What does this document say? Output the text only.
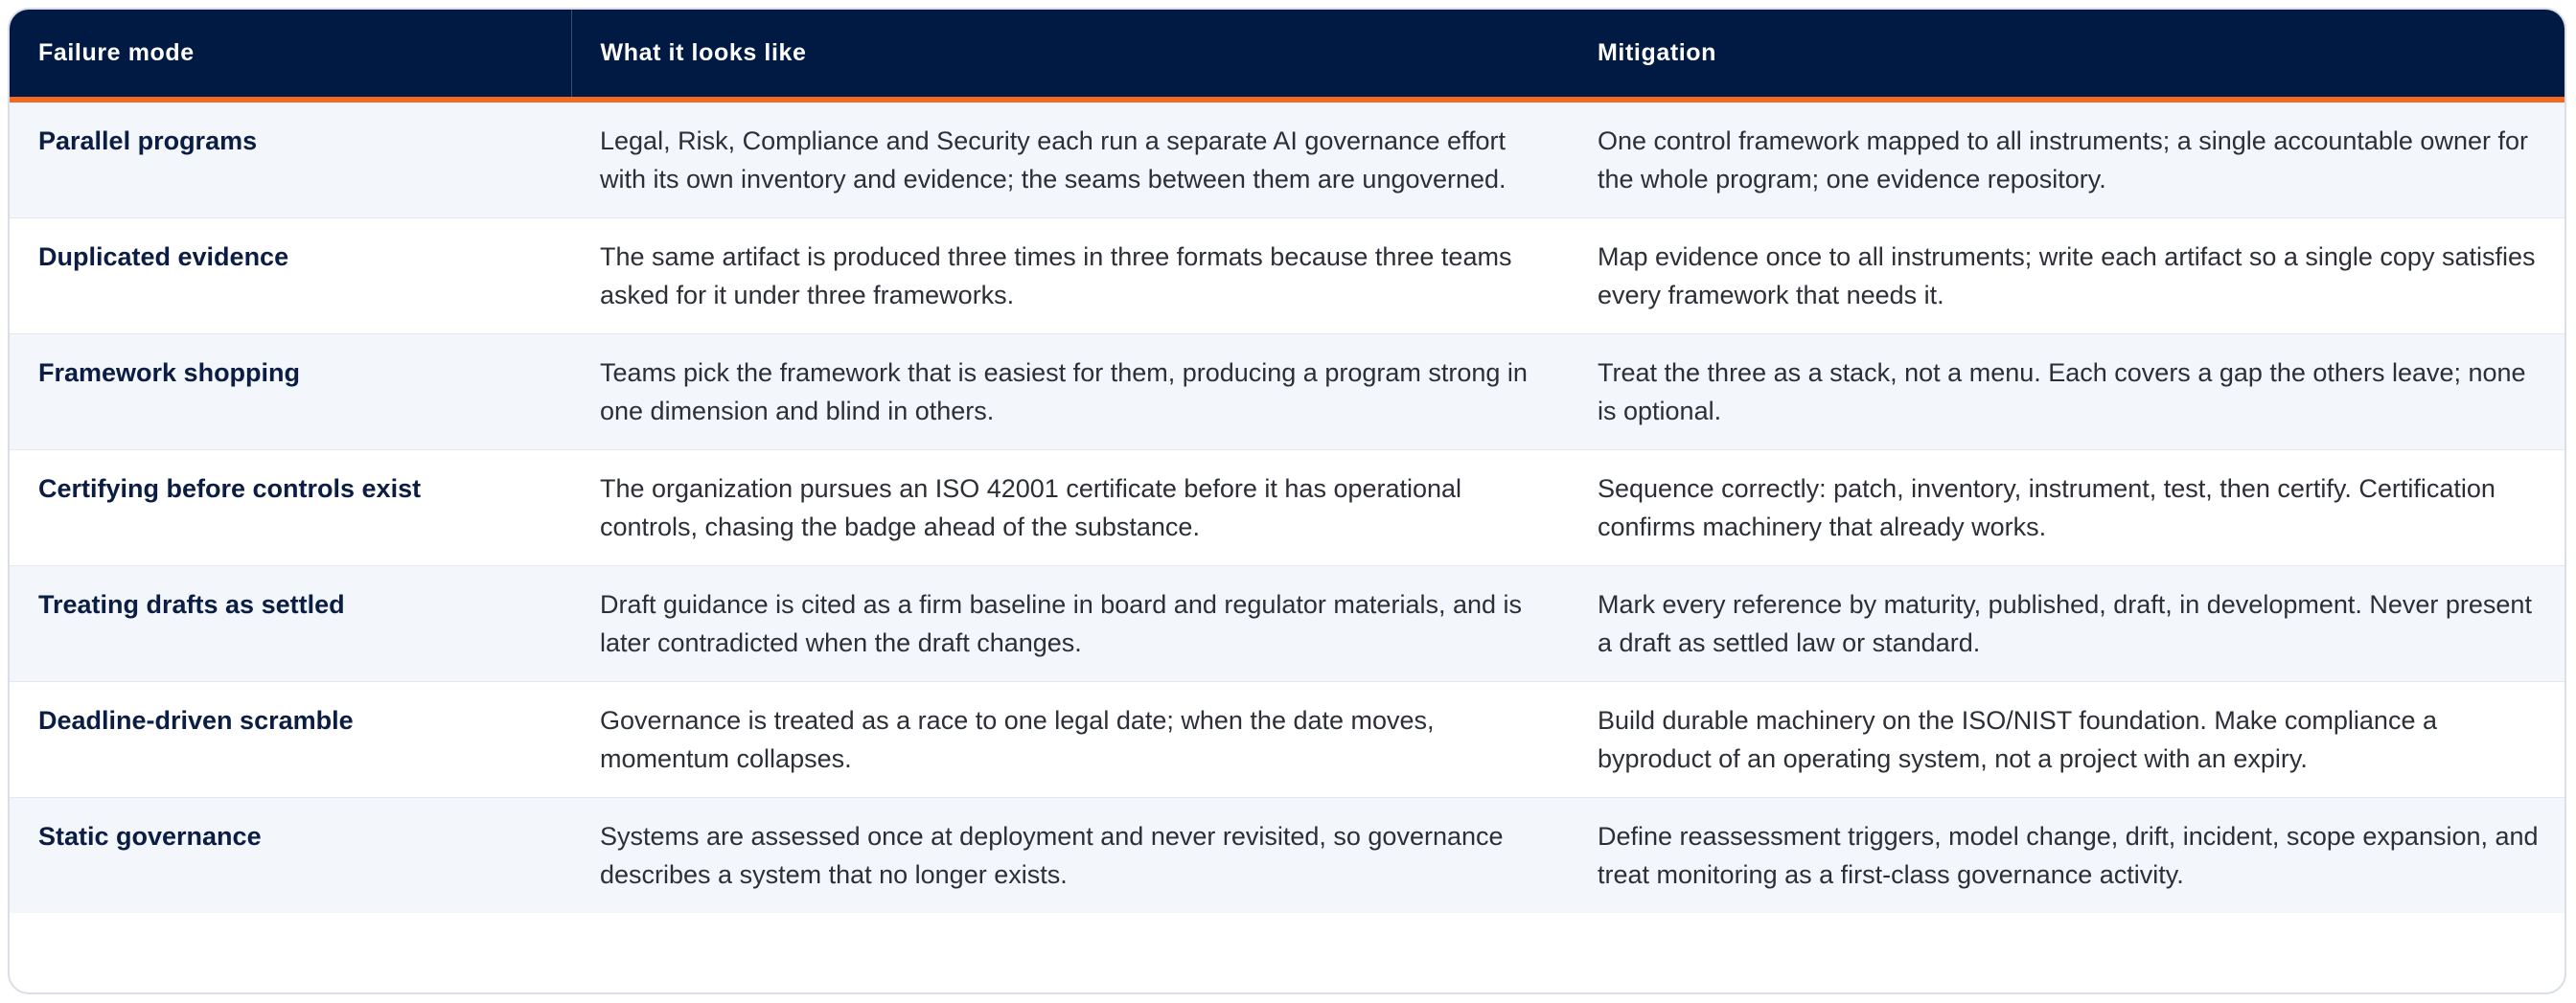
Failure mode	What it looks like	Mitigation
Parallel programs	Legal, Risk, Compliance and Security each run a separate AI governance effort with its own inventory and evidence; the seams between them are ungoverned.	One control framework mapped to all instruments; a single accountable owner for the whole program; one evidence repository.
Duplicated evidence	The same artifact is produced three times in three formats because three teams asked for it under three frameworks.	Map evidence once to all instruments; write each artifact so a single copy satisfies every framework that needs it.
Framework shopping	Teams pick the framework that is easiest for them, producing a program strong in one dimension and blind in others.	Treat the three as a stack, not a menu. Each covers a gap the others leave; none is optional.
Certifying before controls exist	The organization pursues an ISO 42001 certificate before it has operational controls, chasing the badge ahead of the substance.	Sequence correctly: patch, inventory, instrument, test, then certify. Certification confirms machinery that already works.
Treating drafts as settled	Draft guidance is cited as a firm baseline in board and regulator materials, and is later contradicted when the draft changes.	Mark every reference by maturity, published, draft, in development. Never present a draft as settled law or standard.
Deadline-driven scramble	Governance is treated as a race to one legal date; when the date moves, momentum collapses.	Build durable machinery on the ISO/NIST foundation. Make compliance a byproduct of an operating system, not a project with an expiry.
Static governance	Systems are assessed once at deployment and never revisited, so governance describes a system that no longer exists.	Define reassessment triggers, model change, drift, incident, scope expansion, and treat monitoring as a first-class governance activity.
